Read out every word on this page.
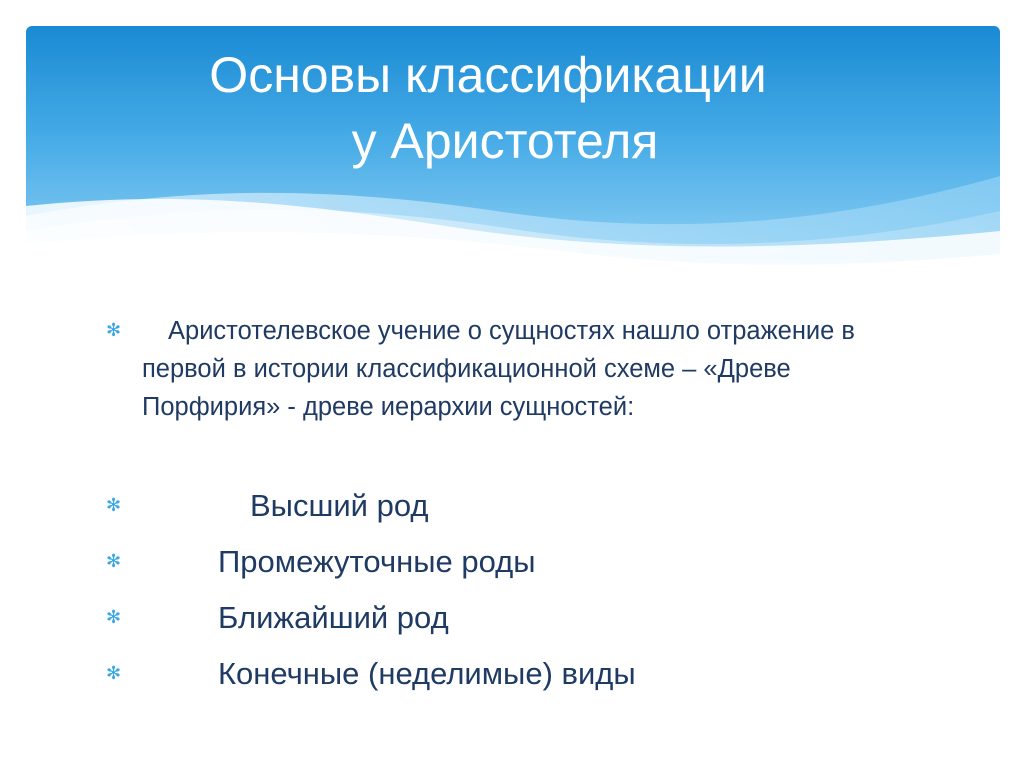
Основы классификации
у Аристотеля
✻	Аристотелевское учение о сущностях нашло отражение в первой в истории классификационной схеме – «Древе Порфирия» - древе иерархии сущностей:

✻	Высший род
✻	Промежуточные роды
✻	Ближайший род
✻	Конечные (неделимые) виды
